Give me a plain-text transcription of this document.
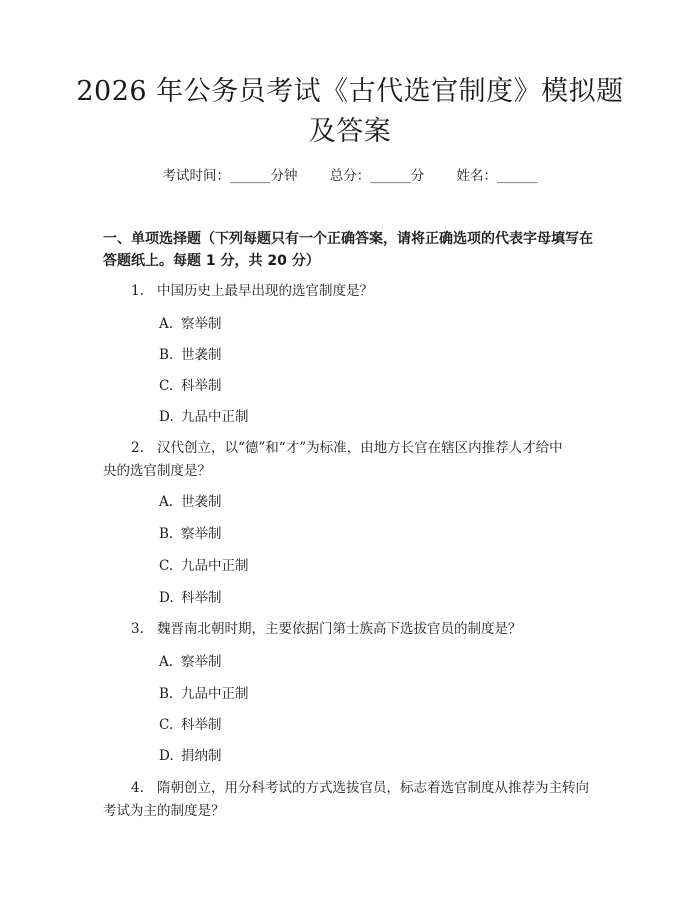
2026 年公务员考试《古代选官制度》模拟题
及答案
考试时间：______分钟 总分：______分 姓名：______
一、单项选择题（下列每题只有一个正确答案，请将正确选项的代表字母填写在
答题纸上。每题 1 分，共 20 分）
1. 中国历史上最早出现的选官制度是？
A. 察举制
B. 世袭制
C. 科举制
D. 九品中正制
2. 汉代创立，以“德”和“才”为标准，由地方长官在辖区内推荐人才给中
央的选官制度是？
A. 世袭制
B. 察举制
C. 九品中正制
D. 科举制
3. 魏晋南北朝时期，主要依据门第士族高下选拔官员的制度是？
A. 察举制
B. 九品中正制
C. 科举制
D. 捐纳制
4. 隋朝创立，用分科考试的方式选拔官员，标志着选官制度从推荐为主转向
考试为主的制度是？
